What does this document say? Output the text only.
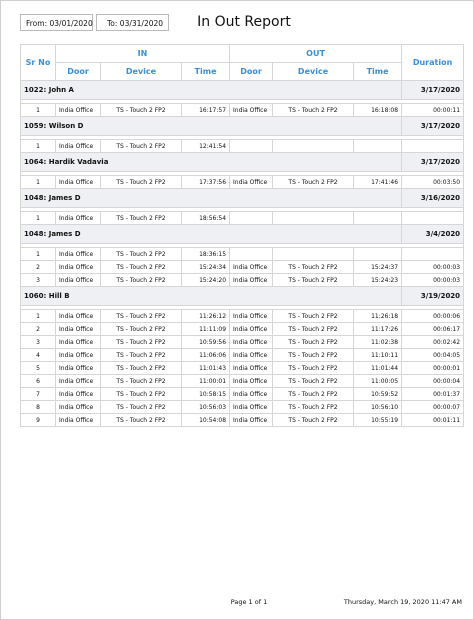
From: 03/01/2020	To: 03/31/2020	In Out Report
Sr No	IN			OUT			Duration
	Door	Device	Time	Door	Device	Time	
1022: John A							3/17/2020

1	India Office	TS - Touch 2 FP2	16:17:57	India Office	TS - Touch 2 FP2	16:18:08	00:00:11
1059: Wilson D							3/17/2020

1	India Office	TS - Touch 2 FP2	12:41:54				
1064: Hardik Vadavia							3/17/2020

1	India Office	TS - Touch 2 FP2	17:37:56	India Office	TS - Touch 2 FP2	17:41:46	00:03:50
1048: James D							3/16/2020

1	India Office	TS - Touch 2 FP2	18:56:54				
1048: James D							3/4/2020

1	India Office	TS - Touch 2 FP2	18:36:15				
2	India Office	TS - Touch 2 FP2	15:24:34	India Office	TS - Touch 2 FP2	15:24:37	00:00:03
3	India Office	TS - Touch 2 FP2	15:24:20	India Office	TS - Touch 2 FP2	15:24:23	00:00:03
1060: Hill B							3/19/2020

1	India Office	TS - Touch 2 FP2	11:26:12	India Office	TS - Touch 2 FP2	11:26:18	00:00:06
2	India Office	TS - Touch 2 FP2	11:11:09	India Office	TS - Touch 2 FP2	11:17:26	00:06:17
3	India Office	TS - Touch 2 FP2	10:59:56	India Office	TS - Touch 2 FP2	11:02:38	00:02:42
4	India Office	TS - Touch 2 FP2	11:06:06	India Office	TS - Touch 2 FP2	11:10:11	00:04:05
5	India Office	TS - Touch 2 FP2	11:01:43	India Office	TS - Touch 2 FP2	11:01:44	00:00:01
6	India Office	TS - Touch 2 FP2	11:00:01	India Office	TS - Touch 2 FP2	11:00:05	00:00:04
7	India Office	TS - Touch 2 FP2	10:58:15	India Office	TS - Touch 2 FP2	10:59:52	00:01:37
8	India Office	TS - Touch 2 FP2	10:56:03	India Office	TS - Touch 2 FP2	10:56:10	00:00:07
9	India Office	TS - Touch 2 FP2	10:54:08	India Office	TS - Touch 2 FP2	10:55:19	00:01:11
Page 1 of 1	Thursday, March 19, 2020 11:47 AM
